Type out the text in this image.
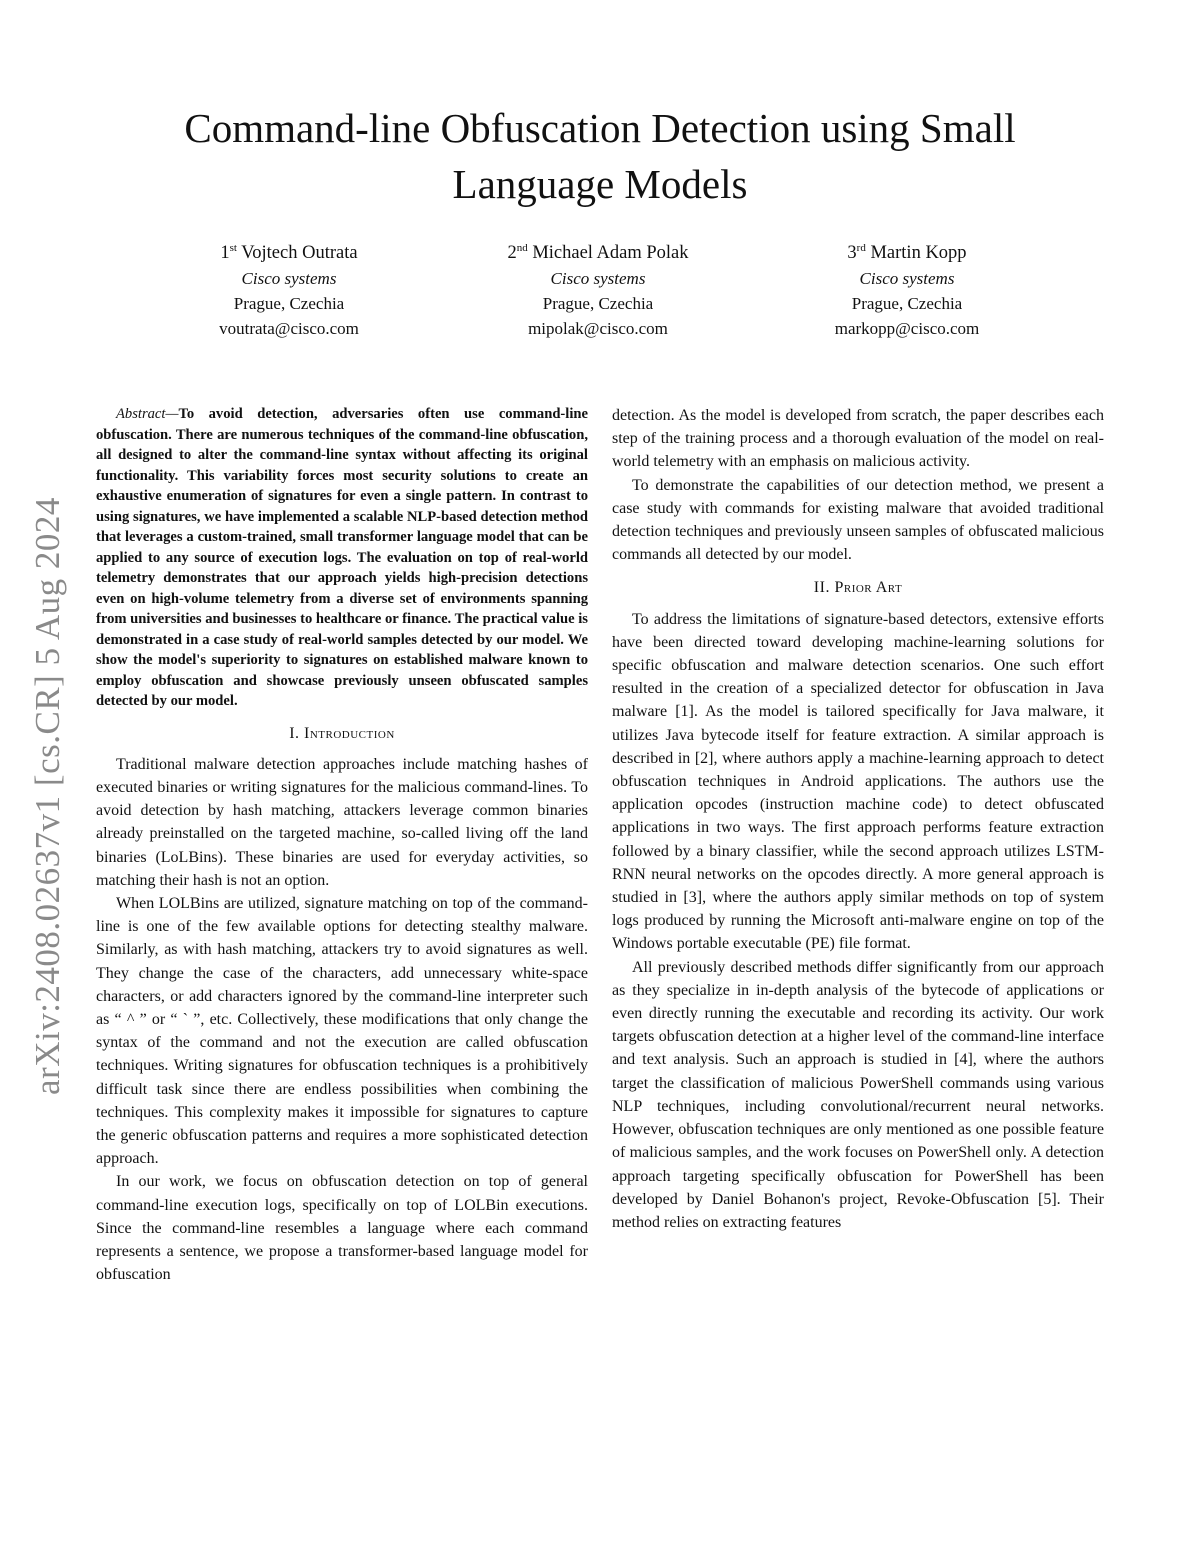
arXiv:2408.02637v1 [cs.CR] 5 Aug 2024
Command-line Obfuscation Detection using Small
Language Models
1st Vojtech Outrata
Cisco systems
Prague, Czechia
voutrata@cisco.com
2nd Michael Adam Polak
Cisco systems
Prague, Czechia
mipolak@cisco.com
3rd Martin Kopp
Cisco systems
Prague, Czechia
markopp@cisco.com

Abstract—To avoid detection, adversaries often use command-line obfuscation. There are numerous techniques of the command-line obfuscation, all designed to alter the command-line syntax without affecting its original functionality. This variability forces most security solutions to create an exhaustive enumeration of signatures for even a single pattern. In contrast to using signatures, we have implemented a scalable NLP-based detection method that leverages a custom-trained, small transformer language model that can be applied to any source of execution logs. The evaluation on top of real-world telemetry demonstrates that our approach yields high-precision detections even on high-volume telemetry from a diverse set of environments spanning from universities and businesses to healthcare or finance. The practical value is demonstrated in a case study of real-world samples detected by our model. We show the model's superiority to signatures on established malware known to employ obfuscation and showcase previously unseen obfuscated samples detected by our model.

I. Introduction

Traditional malware detection approaches include matching hashes of executed binaries or writing signatures for the malicious command-lines. To avoid detection by hash matching, attackers leverage common binaries already preinstalled on the targeted machine, so-called living off the land binaries (LoLBins). These binaries are used for everyday activities, so matching their hash is not an option.

When LOLBins are utilized, signature matching on top of the command-line is one of the few available options for detecting stealthy malware. Similarly, as with hash matching, attackers try to avoid signatures as well. They change the case of the characters, add unnecessary white-space characters, or add characters ignored by the command-line interpreter such as “ ^ ” or “ ` ”, etc. Collectively, these modifications that only change the syntax of the command and not the execution are called obfuscation techniques. Writing signatures for obfuscation techniques is a prohibitively difficult task since there are endless possibilities when combining the techniques. This complexity makes it impossible for signatures to capture the generic obfuscation patterns and requires a more sophisticated detection approach.

In our work, we focus on obfuscation detection on top of general command-line execution logs, specifically on top of LOLBin executions. Since the command-line resembles a language where each command represents a sentence, we propose a transformer-based language model for obfuscation

detection. As the model is developed from scratch, the paper describes each step of the training process and a thorough evaluation of the model on real-world telemetry with an emphasis on malicious activity.

To demonstrate the capabilities of our detection method, we present a case study with commands for existing malware that avoided traditional detection techniques and previously unseen samples of obfuscated malicious commands all detected by our model.

II. Prior Art

To address the limitations of signature-based detectors, extensive efforts have been directed toward developing machine-learning solutions for specific obfuscation and malware detection scenarios. One such effort resulted in the creation of a specialized detector for obfuscation in Java malware [1]. As the model is tailored specifically for Java malware, it utilizes Java bytecode itself for feature extraction. A similar approach is described in [2], where authors apply a machine-learning approach to detect obfuscation techniques in Android applications. The authors use the application opcodes (instruction machine code) to detect obfuscated applications in two ways. The first approach performs feature extraction followed by a binary classifier, while the second approach utilizes LSTM-RNN neural networks on the opcodes directly. A more general approach is studied in [3], where the authors apply similar methods on top of system logs produced by running the Microsoft anti-malware engine on top of the Windows portable executable (PE) file format.

All previously described methods differ significantly from our approach as they specialize in in-depth analysis of the bytecode of applications or even directly running the executable and recording its activity. Our work targets obfuscation detection at a higher level of the command-line interface and text analysis. Such an approach is studied in [4], where the authors target the classification of malicious PowerShell commands using various NLP techniques, including convolutional/recurrent neural networks. However, obfuscation techniques are only mentioned as one possible feature of malicious samples, and the work focuses on PowerShell only. A detection approach targeting specifically obfuscation for PowerShell has been developed by Daniel Bohanon's project, Revoke-Obfuscation [5]. Their method relies on extracting features
